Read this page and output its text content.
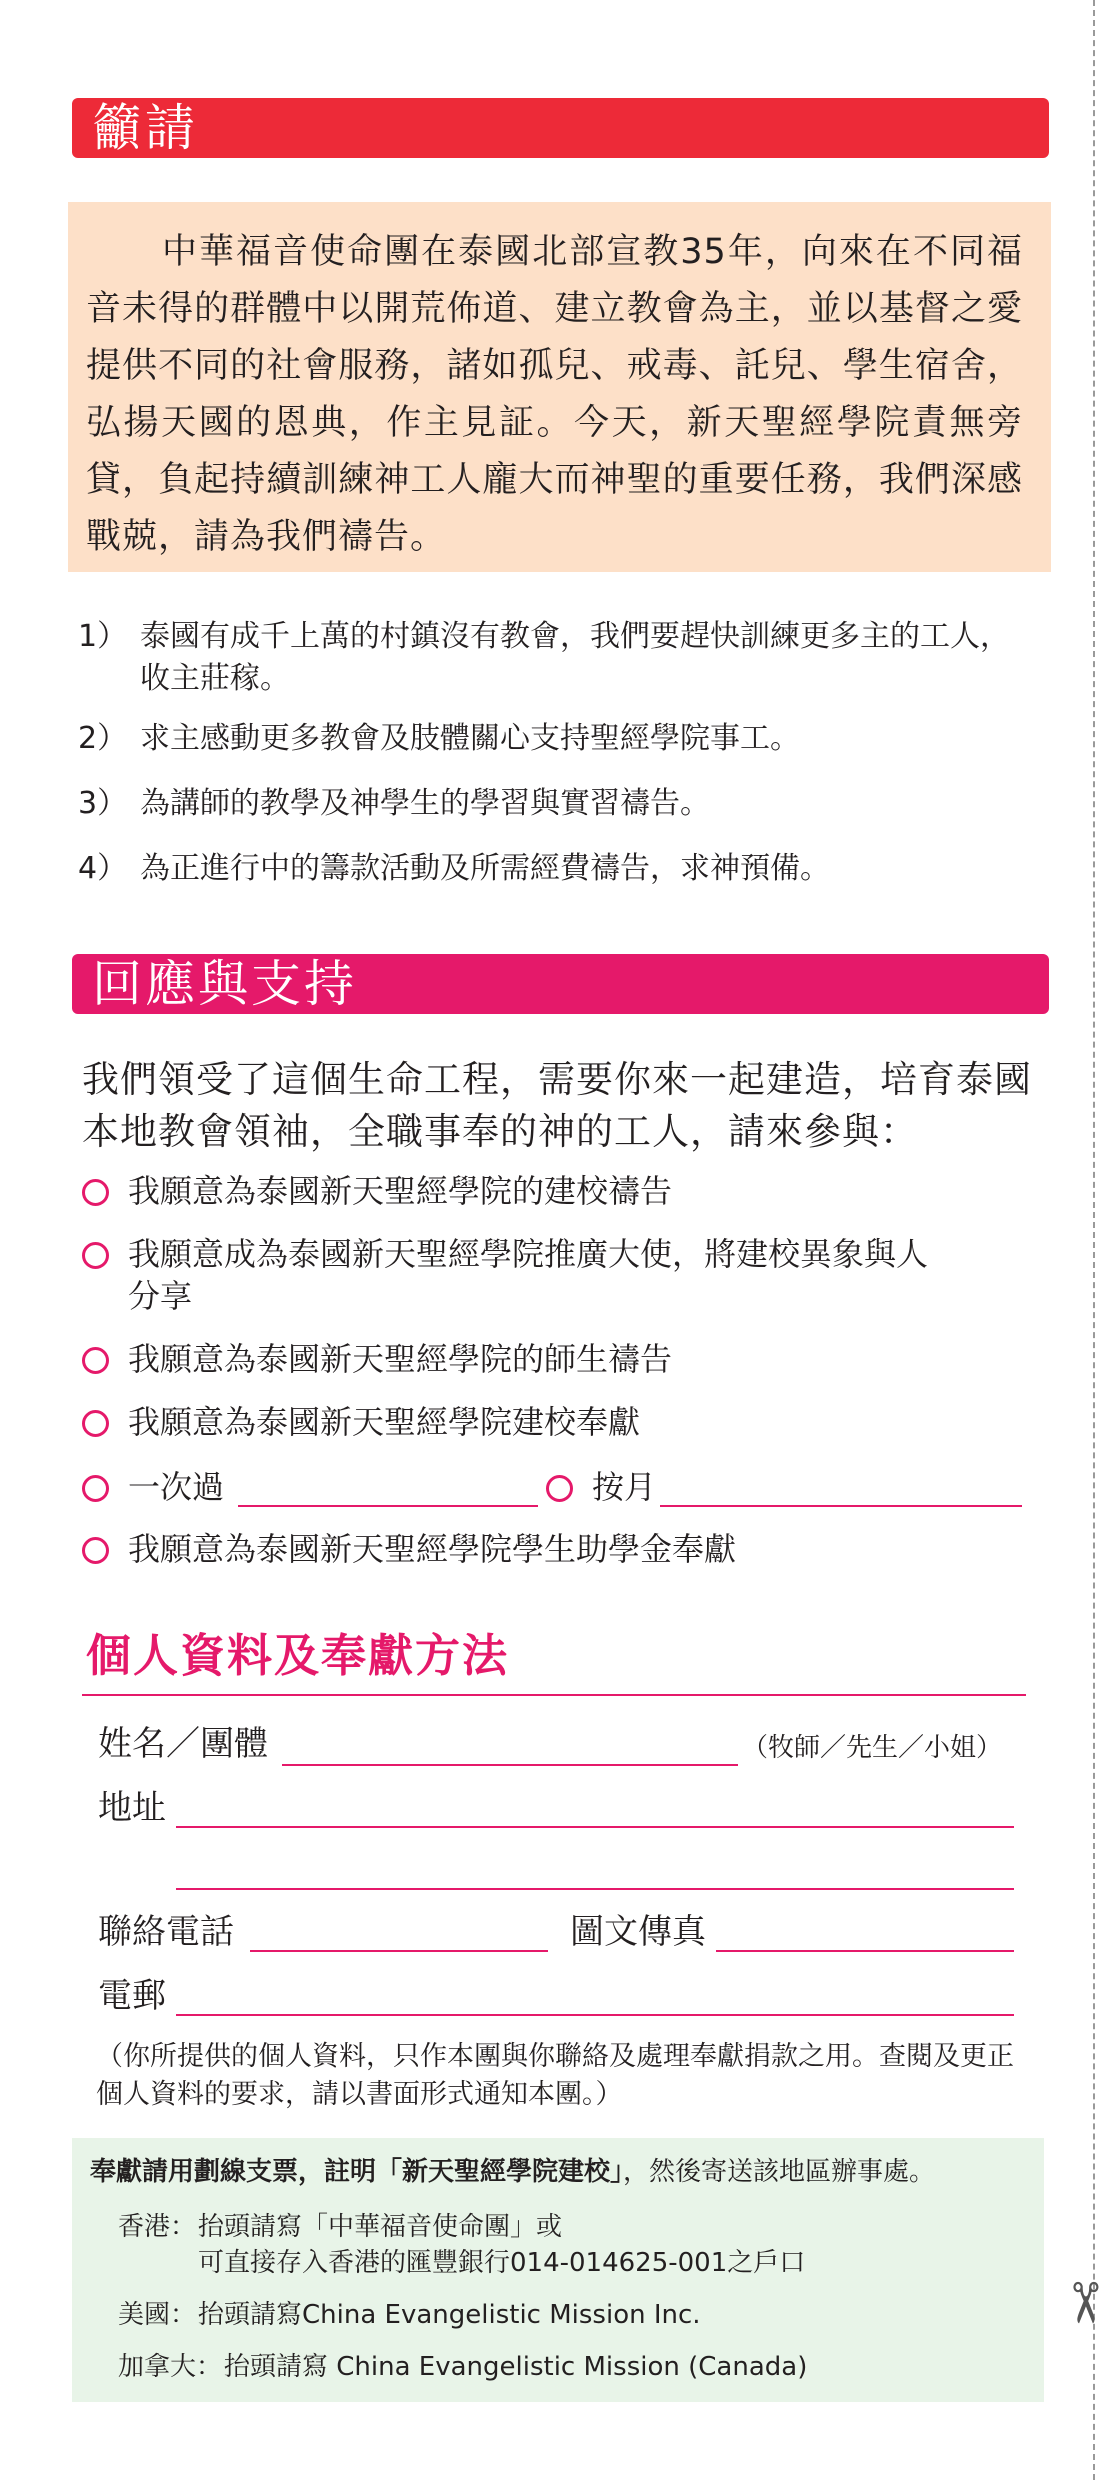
籲請

中華福音使命團在泰國北部宣教35年，向來在不同福音未得的群體中以開荒佈道、建立教會為主，並以基督之愛提供不同的社會服務，諸如孤兒、戒毒、託兒、學生宿舍，弘揚天國的恩典，作主見証。今天，新天聖經學院責無旁貸，負起持續訓練神工人龐大而神聖的重要任務，我們深感戰兢，請為我們禱告。

1） 泰國有成千上萬的村鎮沒有教會，我們要趕快訓練更多主的工人，收主莊稼。
2） 求主感動更多教會及肢體關心支持聖經學院事工。
3） 為講師的教學及神學生的學習與實習禱告。
4） 為正進行中的籌款活動及所需經費禱告，求神預備。
回應與支持

我們領受了這個生命工程，需要你來一起建造，培育泰國本地教會領袖，全職事奉的神的工人，請來參與：

我願意為泰國新天聖經學院的建校禱告
我願意成為泰國新天聖經學院推廣大使，將建校異象與人分享
我願意為泰國新天聖經學院的師生禱告
我願意為泰國新天聖經學院建校奉獻
一次過	按月
我願意為泰國新天聖經學院學生助學金奉獻
個人資料及奉獻方法
姓名／團體	（牧師／先生／小姐）
地址
聯絡電話	圖文傳真
電郵

（你所提供的個人資料，只作本團與你聯絡及處理奉獻捐款之用。查閱及更正個人資料的要求，請以書面形式通知本團。）

奉獻請用劃線支票，註明「新天聖經學院建校」，然後寄送該地區辦事處。
香港： 抬頭請寫「中華福音使命團」或
可直接存入香港的匯豐銀行014-014625-001之戶口
美國： 抬頭請寫China Evangelistic Mission Inc.
加拿大： 抬頭請寫 China Evangelistic Mission (Canada)
✂
